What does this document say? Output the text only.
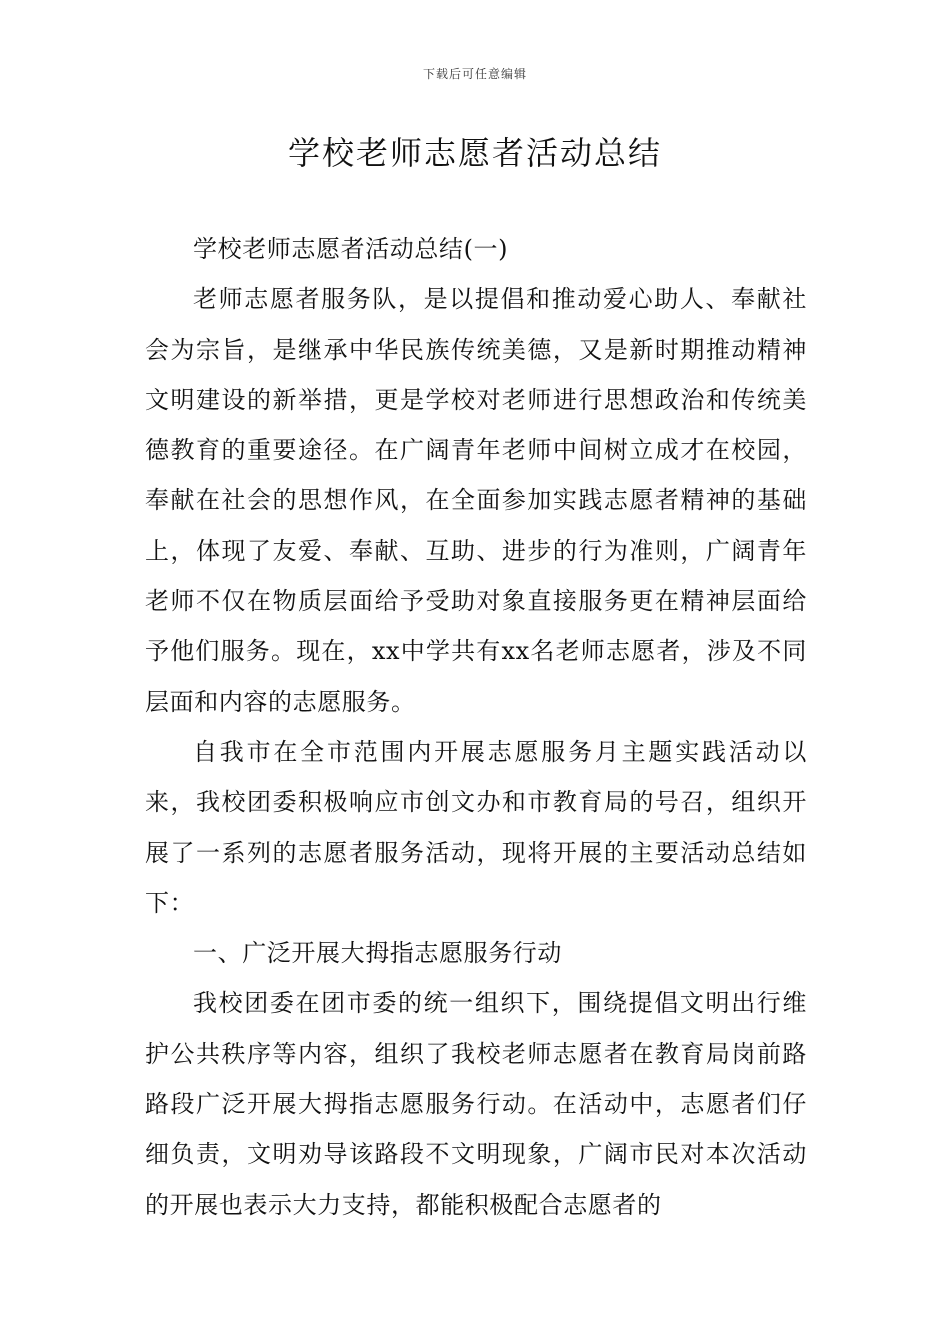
下载后可任意编辑
学校老师志愿者活动总结

学校老师志愿者活动总结(一)

老师志愿者服务队，是以提倡和推动爱心助人、奉献社会为宗旨，是继承中华民族传统美德，又是新时期推动精神文明建设的新举措，更是学校对老师进行思想政治和传统美德教育的重要途径。在广阔青年老师中间树立成才在校园，奉献在社会的思想作风，在全面参加实践志愿者精神的基础上，体现了友爱、奉献、互助、进步的行为准则，广阔青年老师不仅在物质层面给予受助对象直接服务更在精神层面给予他们服务。现在，xx中学共有xx名老师志愿者，涉及不同层面和内容的志愿服务。

自我市在全市范围内开展志愿服务月主题实践活动以来，我校团委积极响应市创文办和市教育局的号召，组织开展了一系列的志愿者服务活动，现将开展的主要活动总结如下：

一、广泛开展大拇指志愿服务行动

我校团委在团市委的统一组织下，围绕提倡文明出行维护公共秩序等内容，组织了我校老师志愿者在教育局岗前路路段广泛开展大拇指志愿服务行动。在活动中，志愿者们仔细负责，文明劝导该路段不文明现象，广阔市民对本次活动的开展也表示大力支持，都能积极配合志愿者的
